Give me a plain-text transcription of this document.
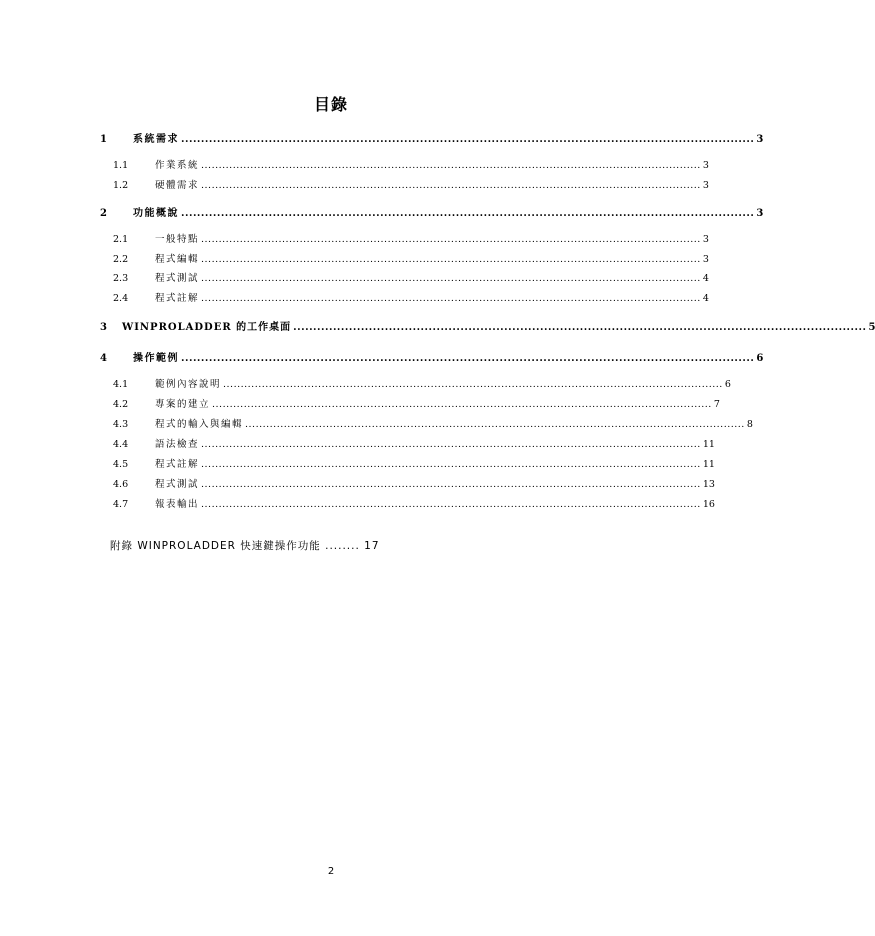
目錄
1	系統需求 ................................................................................................................................................ 3
1.1	作業系統 .............................................................................................................................................. 3
1.2	硬體需求 .............................................................................................................................................. 3
2	功能概說 ................................................................................................................................................ 3
2.1	一般特點 .............................................................................................................................................. 3
2.2	程式編輯 .............................................................................................................................................. 3
2.3	程式測試 .............................................................................................................................................. 4
2.4	程式註解 .............................................................................................................................................. 4
3	WINPROLADDER 的工作桌面 ................................................................................................................................................ 5
4	操作範例 ................................................................................................................................................ 6
4.1	範例內容說明 .............................................................................................................................................. 6
4.2	專案的建立 .............................................................................................................................................. 7
4.3	程式的輸入與編輯 .............................................................................................................................................. 8
4.4	語法檢查 .............................................................................................................................................. 11
4.5	程式註解 .............................................................................................................................................. 11
4.6	程式測試 .............................................................................................................................................. 13
4.7	報表輸出 .............................................................................................................................................. 16
附錄 WINPROLADDER 快速鍵操作功能 ........ 17
2
